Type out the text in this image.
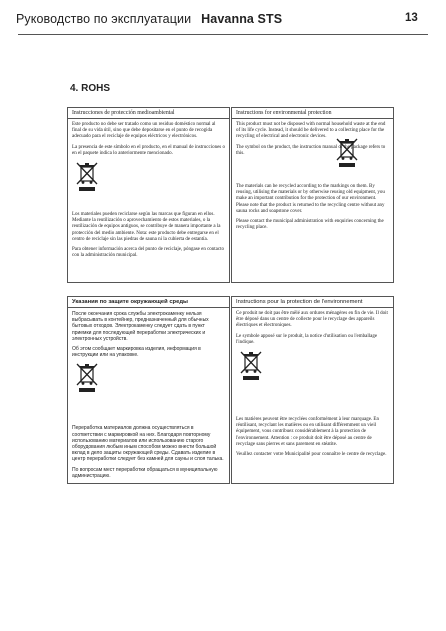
Руководство по эксплуатации Havanna STS	13
4. ROHS
Instrucciones de protección medioambiental

Este producto no debe ser tratado como un residuo doméstico normal al final de su vida útil, sino que debe depositarse en el punto de recogida adecuado para el reciclaje de equipos eléctricos y electrónicos.

La presencia de este símbolo en el producto, en el manual de instrucciones o en el paquete indica lo anteriormente mencionado.

Los materiales pueden reciclarse según las marcas que figuran en ellos. Mediante la reutilización o aprovechamiento de estos materiales, o la reutilización de equipos antiguos, se contribuye de manera importante a la protección del medio ambiente. Nota: este producto debe entregarse en el centro de reciclaje sin las piedras de sauna ni la cubierta de estantía.

Para obtener información acerca del punto de reciclaje, póngase en contacto con la administración municipal.

Instructions for environmental protection

This product must not be disposed with normal household waste at the end of its life cycle. Instead, it should be delivered to a collecting place for the recycling of electrical and electronic devices.

The symbol on the product, the instruction manual or the package refers to this.

The materials can be recycled according to the markings on them. By reusing, utilising the materials or by otherwise reusing old equipment, you make an important contribution for the protection of our environment. Please note that the product is returned to the recycling centre without any sauna rocks and soapstone cover.

Please contact the municipal administration with enquiries concerning the recycling place.

Указания по защите окружающей среды

После окончания срока службы электрокаменку нельзя выбрасывать в контейнер, предназначенный для обычных бытовых отходов. Электрокаменку следует сдать в пункт приемки для последующей переработки электрических и электронных устройств.

Об этом сообщает маркировка изделия, информация в инструкции или на упаковке.

Переработка материалов должна осуществляться в соответствии с маркировкой на них. Благодаря повторному использованию материалов или использованию старого оборудования любым иным способом можно внести большой вклад в дело защиты окружающей среды. Сдавать изделие в центр переработки следует без камней для сауны и слоя талька.

По вопросам мест переработки обращаться в муниципальную администрацию.

Instructions pour la protection de l'environnement

Ce produit ne doit pas être mêlé aux ordures ménagères en fin de vie. Il doit être déposé dans un centre de collecte pour le recyclage des appareils électriques et électroniques.

Le symbole apposé sur le produit, la notice d'utilisation ou l'emballage l'indique.

Les matières peuvent être recyclées conformément à leur marquage. En réutilisant, recyclant les matières ou en utilisant différemment un vieil équipement, vous contribuez considérablement à la protection de l'environnement. Attention : ce produit doit être déposé au centre de recyclage sans pierres et sans parement en stéatite.

Veuillez contacter votre Municipalité pour connaître le centre de recyclage.
